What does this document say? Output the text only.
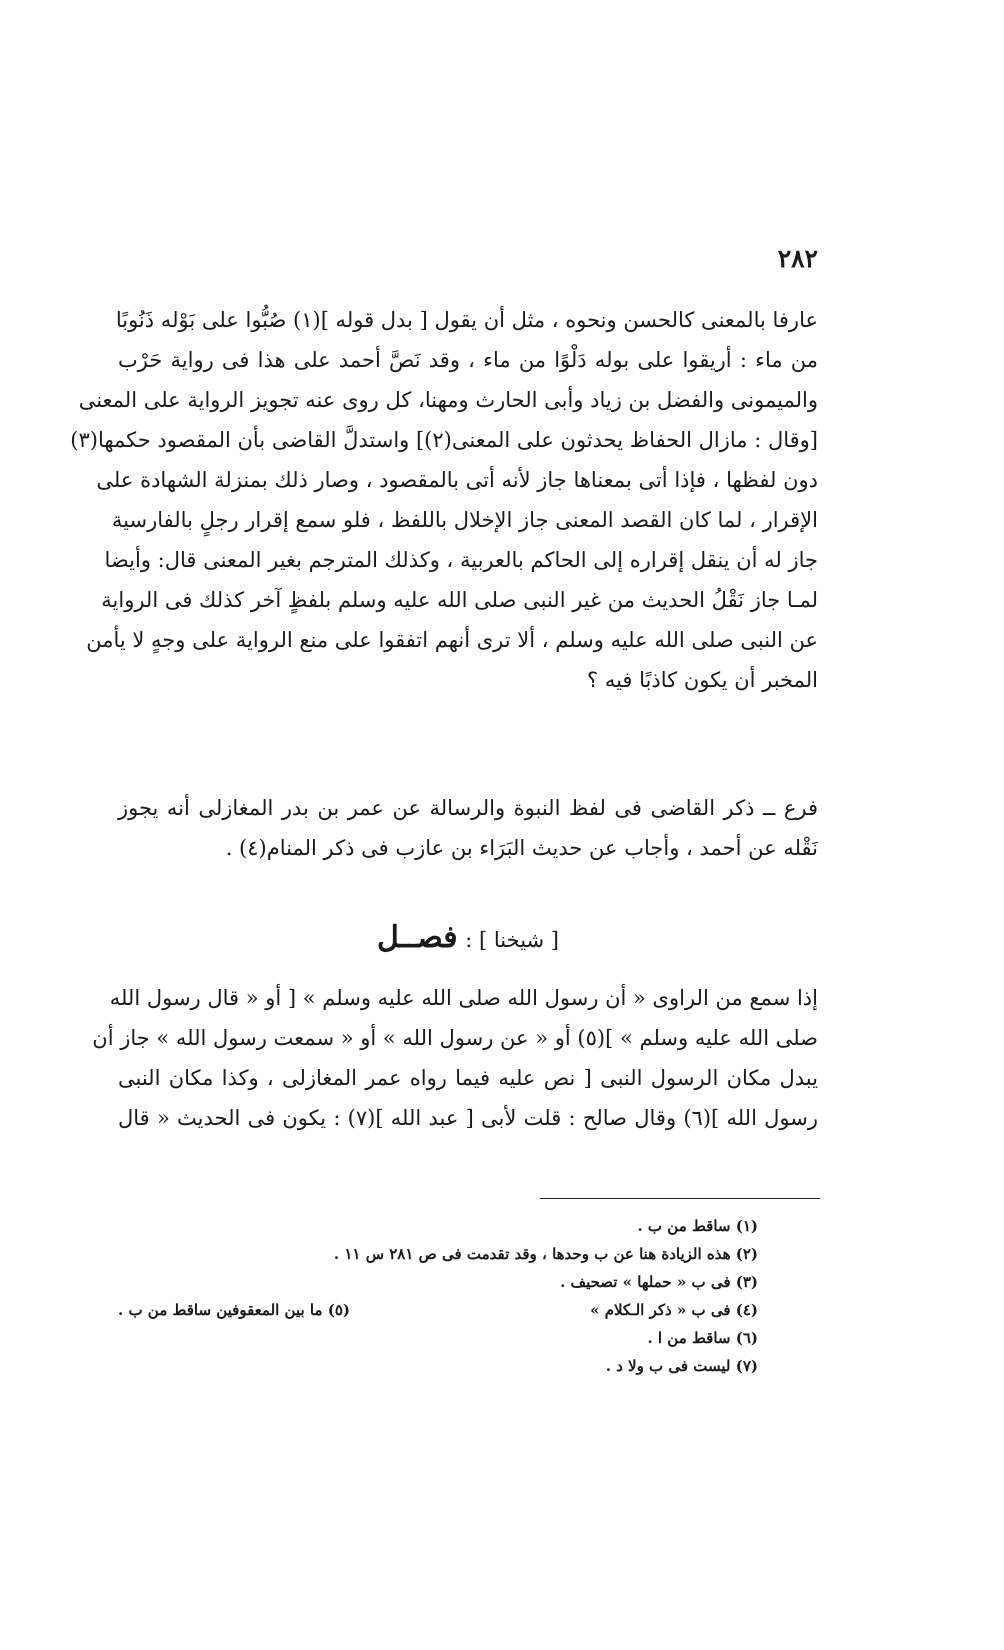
٢٨٢
عارفا بالمعنى كالحسن ونحوه ، مثل أن يقول [ بدل قوله ](١) صُبُّوا على بَوْله ذَنُوبًا
من ماء : أريقوا على بوله دَلْوًا من ماء ، وقد نَصَّ أحمد على هذا فى رواية حَرْب
والميمونى والفضل بن زياد وأبى الحارث ومهنا، كل روى عنه تجويز الرواية على المعنى
[وقال : مازال الحفاظ يحدثون على المعنى(٢)] واستدلَّ القاضى بأن المقصود حكمها(٣)
دون لفظها ، فإذا أتى بمعناها جاز لأنه أتى بالمقصود ، وصار ذلك بمنزلة الشهادة على
الإقرار ، لما كان القصد المعنى جاز الإخلال باللفظ ، فلو سمع إقرار رجلٍ بالفارسية
جاز له أن ينقل إقراره إلى الحاكم بالعربية ، وكذلك المترجم بغير المعنى قال: وأيضا
لمـا جاز نَقْلُ الحديث من غير النبى صلى الله عليه وسلم بلفظٍ آخر كذلك فى الرواية
عن النبى صلى الله عليه وسلم ، ألا ترى أنهم اتفقوا على منع الرواية على وجهٍ لا يأمن
المخبر أن يكون كاذبًا فيه ؟
فرع ــ ذكر القاضى فى لفظ النبوة والرسالة عن عمر بن بدر المغازلى أنه يجوز
نَقْله عن أحمد ، وأجاب عن حديث البَرَاء بن عازب فى ذكر المنام(٤) .
[ شيخنا ] : فصــل
إذا سمع من الراوى « أن رسول الله صلى الله عليه وسلم » [ أو « قال رسول الله
صلى الله عليه وسلم » ](٥) أو « عن رسول الله » أو « سمعت رسول الله » جاز أن
يبدل مكان الرسول النبى [ نص عليه فيما رواه عمر المغازلى ، وكذا مكان النبى
رسول الله ](٦) وقال صالح : قلت لأبى [ عبد الله ](٧) : يكون فى الحديث « قال
(١) ساقط من ب .
(٢) هذه الزيادة هنا عن ب وحدها ، وقد تقدمت فى ص ٢٨١ س ١١ .
(٣) فى ب « حملها » تصحيف .
(٤) فى ب « ذكر الـكلام »
(٥) ما بين المعقوفين ساقط من ب .
(٦) ساقط من ا .
(٧) ليست فى ب ولا د .
